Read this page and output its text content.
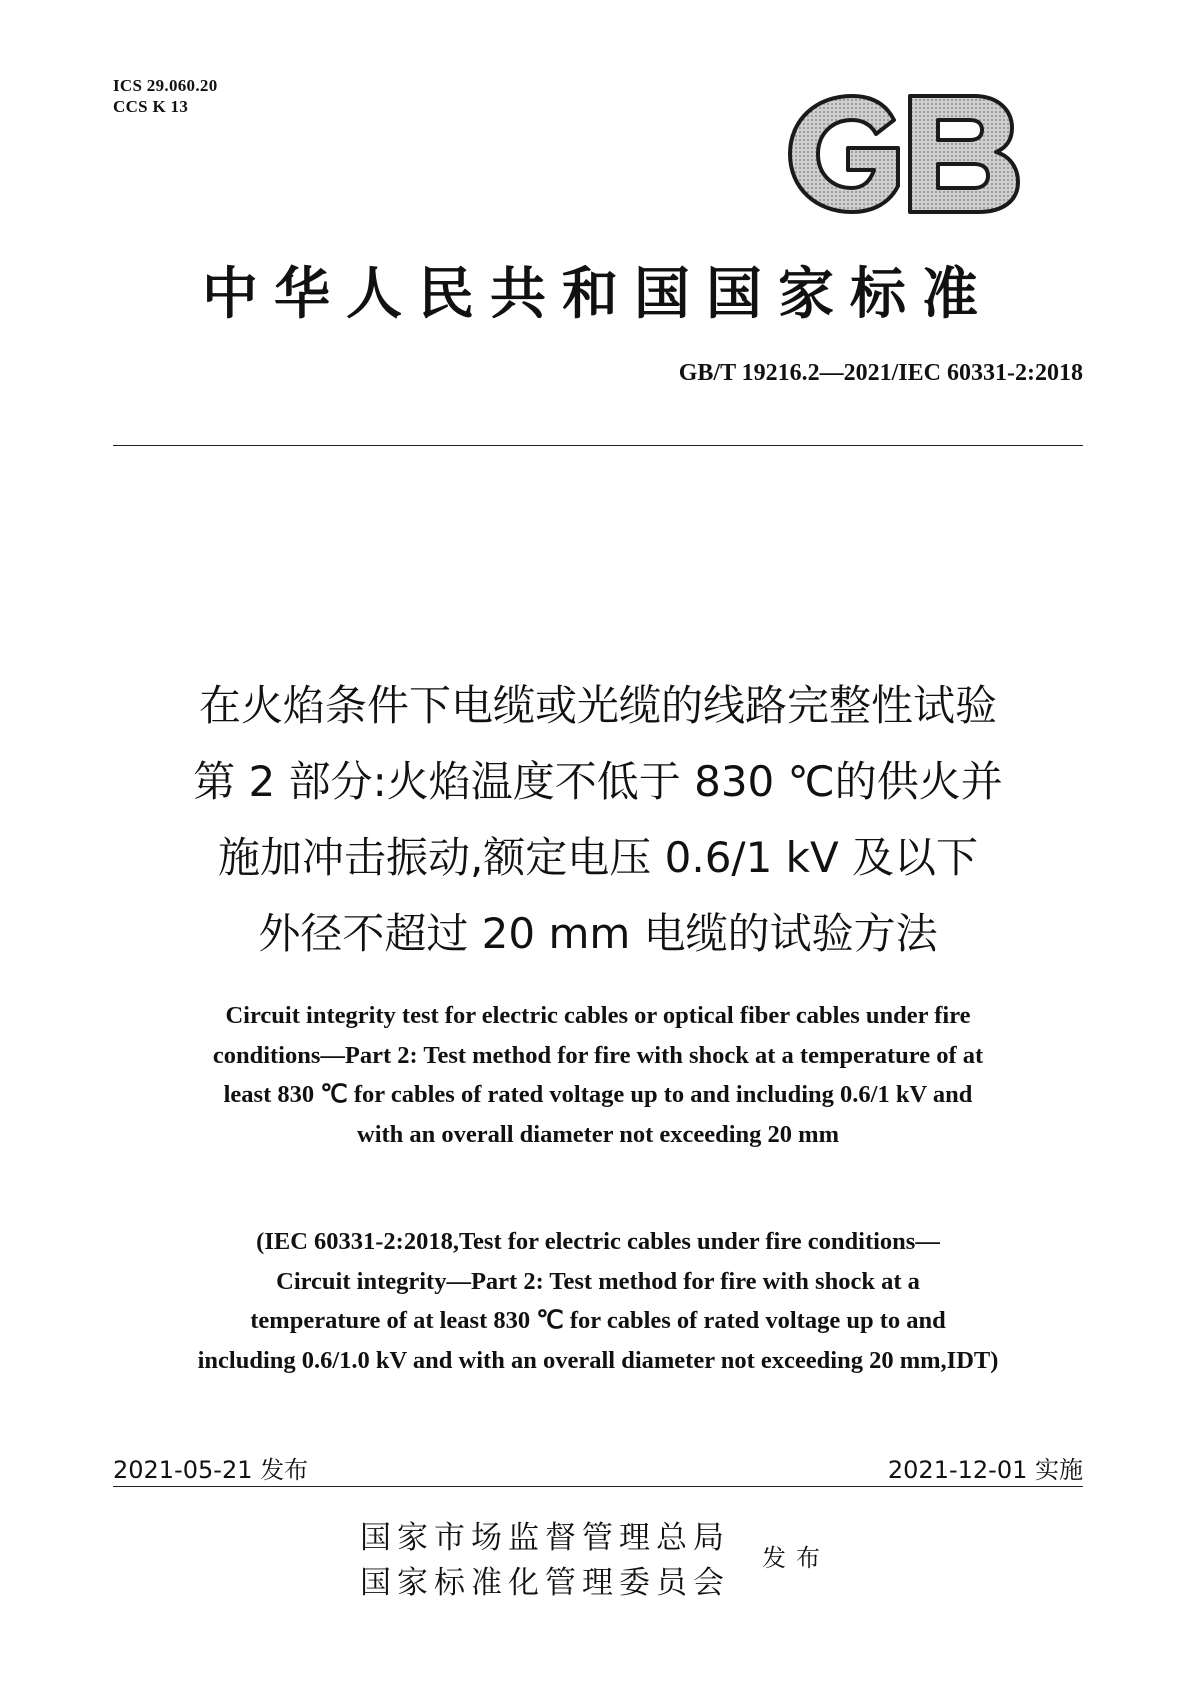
ICS 29.060.20
CCS K 13
中华人民共和国国家标准
GB/T 19216.2—2021/IEC 60331-2:2018
在火焰条件下电缆或光缆的线路完整性试验
第 2 部分:火焰温度不低于 830 ℃的供火并
施加冲击振动,额定电压 0.6/1 kV 及以下
外径不超过 20 mm 电缆的试验方法
Circuit integrity test for electric cables or optical fiber cables under fire
conditions—Part 2: Test method for fire with shock at a temperature of at
least 830 ℃ for cables of rated voltage up to and including 0.6/1 kV and
with an overall diameter not exceeding 20 mm
(IEC 60331-2:2018,Test for electric cables under fire conditions—
Circuit integrity—Part 2: Test method for fire with shock at a
temperature of at least 830 ℃ for cables of rated voltage up to and
including 0.6/1.0 kV and with an overall diameter not exceeding 20 mm,IDT)
2021-05-21 发布	2021-12-01 实施
国家市场监督管理总局
国家标准化管理委员会
发布
